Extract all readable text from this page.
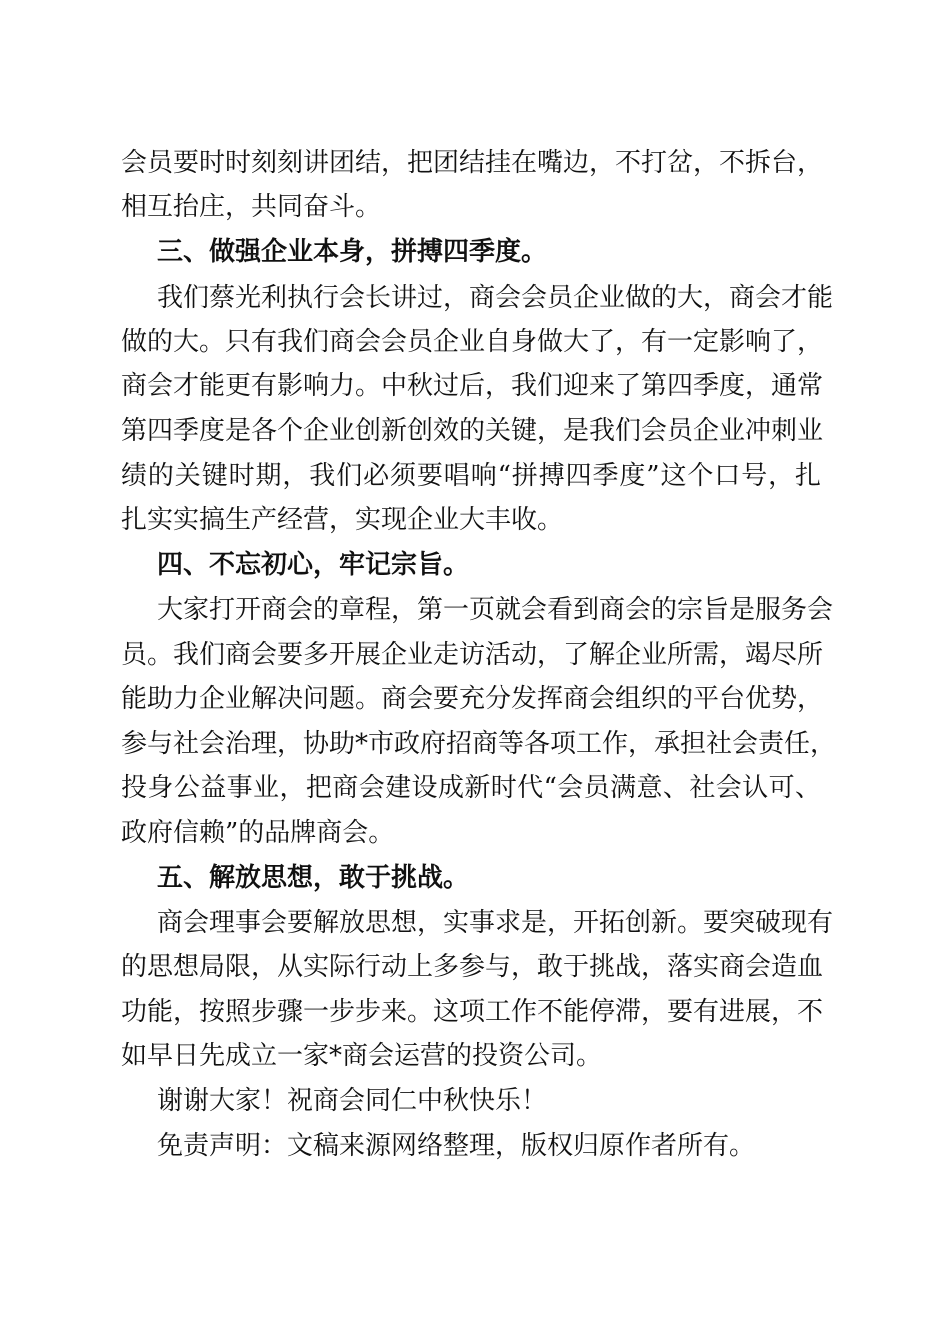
会员要时时刻刻讲团结，把团结挂在嘴边，不打岔，不拆台，
相互抬庄，共同奋斗。
三、做强企业本身，拼搏四季度。
我们蔡光利执行会长讲过，商会会员企业做的大，商会才能
做的大。只有我们商会会员企业自身做大了，有一定影响了，
商会才能更有影响力。中秋过后，我们迎来了第四季度，通常
第四季度是各个企业创新创效的关键，是我们会员企业冲刺业
绩的关键时期，我们必须要唱响“拼搏四季度”这个口号，扎
扎实实搞生产经营，实现企业大丰收。
四、不忘初心，牢记宗旨。
大家打开商会的章程，第一页就会看到商会的宗旨是服务会
员。我们商会要多开展企业走访活动，了解企业所需，竭尽所
能助力企业解决问题。商会要充分发挥商会组织的平台优势，
参与社会治理，协助*市政府招商等各项工作，承担社会责任，
投身公益事业，把商会建设成新时代“会员满意、社会认可、
政府信赖”的品牌商会。
五、解放思想，敢于挑战。
商会理事会要解放思想，实事求是，开拓创新。要突破现有
的思想局限，从实际行动上多参与，敢于挑战，落实商会造血
功能，按照步骤一步步来。这项工作不能停滞，要有进展，不
如早日先成立一家*商会运营的投资公司。
谢谢大家！祝商会同仁中秋快乐！
免责声明：文稿来源网络整理，版权归原作者所有。
